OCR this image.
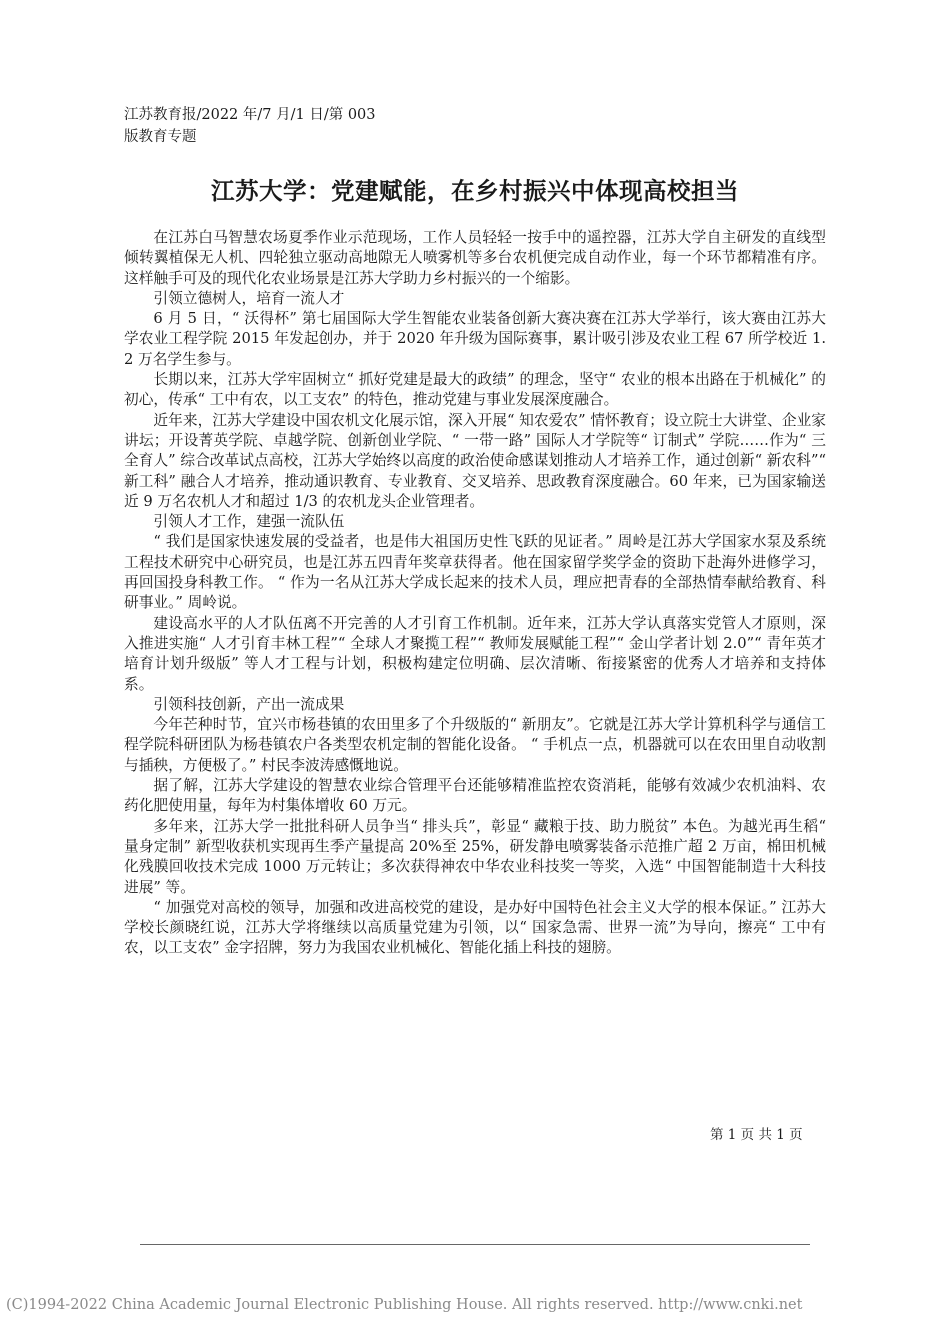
江苏教育报/2022 年/7 月/1 日/第 003
版教育专题
江苏大学：党建赋能，在乡村振兴中体现高校担当

在江苏白马智慧农场夏季作业示范现场，工作人员轻轻一按手中的遥控器，江苏大学自主研发的直线型倾转翼植保无人机、四轮独立驱动高地隙无人喷雾机等多台农机便完成自动作业，每一个环节都精准有序。这样触手可及的现代化农业场景是江苏大学助力乡村振兴的一个缩影。

引领立德树人，培育一流人才

6 月 5 日，“ 沃得杯” 第七届国际大学生智能农业装备创新大赛决赛在江苏大学举行，该大赛由江苏大学农业工程学院 2015 年发起创办，并于 2020 年升级为国际赛事，累计吸引涉及农业工程 67 所学校近 1.2 万名学生参与。

长期以来，江苏大学牢固树立“ 抓好党建是最大的政绩” 的理念，坚守“ 农业的根本出路在于机械化” 的初心，传承“ 工中有农，以工支农” 的特色，推动党建与事业发展深度融合。

近年来，江苏大学建设中国农机文化展示馆，深入开展“ 知农爱农” 情怀教育；设立院士大讲堂、企业家讲坛；开设菁英学院、卓越学院、创新创业学院、“ 一带一路” 国际人才学院等“ 订制式” 学院……作为“ 三全育人” 综合改革试点高校，江苏大学始终以高度的政治使命感谋划推动人才培养工作，通过创新“ 新农科”“ 新工科” 融合人才培养，推动通识教育、专业教育、交叉培养、思政教育深度融合。60 年来，已为国家输送近 9 万名农机人才和超过 1/3 的农机龙头企业管理者。

引领人才工作，建强一流队伍

“ 我们是国家快速发展的受益者，也是伟大祖国历史性飞跃的见证者。” 周岭是江苏大学国家水泵及系统工程技术研究中心研究员，也是江苏五四青年奖章获得者。他在国家留学奖学金的资助下赴海外进修学习，再回国投身科教工作。 “ 作为一名从江苏大学成长起来的技术人员，理应把青春的全部热情奉献给教育、科研事业。” 周岭说。

建设高水平的人才队伍离不开完善的人才引育工作机制。近年来，江苏大学认真落实党管人才原则，深入推进实施“ 人才引育丰林工程”“ 全球人才聚揽工程”“ 教师发展赋能工程”“ 金山学者计划 2.0”“ 青年英才培育计划升级版” 等人才工程与计划，积极构建定位明确、层次清晰、衔接紧密的优秀人才培养和支持体系。

引领科技创新，产出一流成果

今年芒种时节，宜兴市杨巷镇的农田里多了个升级版的“ 新朋友”。它就是江苏大学计算机科学与通信工程学院科研团队为杨巷镇农户各类型农机定制的智能化设备。 “ 手机点一点，机器就可以在农田里自动收割与插秧，方便极了。” 村民李波涛感慨地说。

据了解，江苏大学建设的智慧农业综合管理平台还能够精准监控农资消耗，能够有效减少农机油料、农药化肥使用量，每年为村集体增收 60 万元。

多年来，江苏大学一批批科研人员争当“ 排头兵”，彰显“ 藏粮于技、助力脱贫” 本色。为越光再生稻“ 量身定制” 新型收获机实现再生季产量提高 20%至 25%，研发静电喷雾装备示范推广超 2 万亩，棉田机械化残膜回收技术完成 1000 万元转让；多次获得神农中华农业科技奖一等奖，入选“ 中国智能制造十大科技进展” 等。

“ 加强党对高校的领导，加强和改进高校党的建设，是办好中国特色社会主义大学的根本保证。” 江苏大学校长颜晓红说，江苏大学将继续以高质量党建为引领，以“ 国家急需、世界一流”为导向，擦亮“ 工中有农，以工支农” 金字招牌，努力为我国农业机械化、智能化插上科技的翅膀。

第 1 页 共 1 页
(C)1994-2022 China Academic Journal Electronic Publishing House. All rights reserved. http://www.cnki.net
